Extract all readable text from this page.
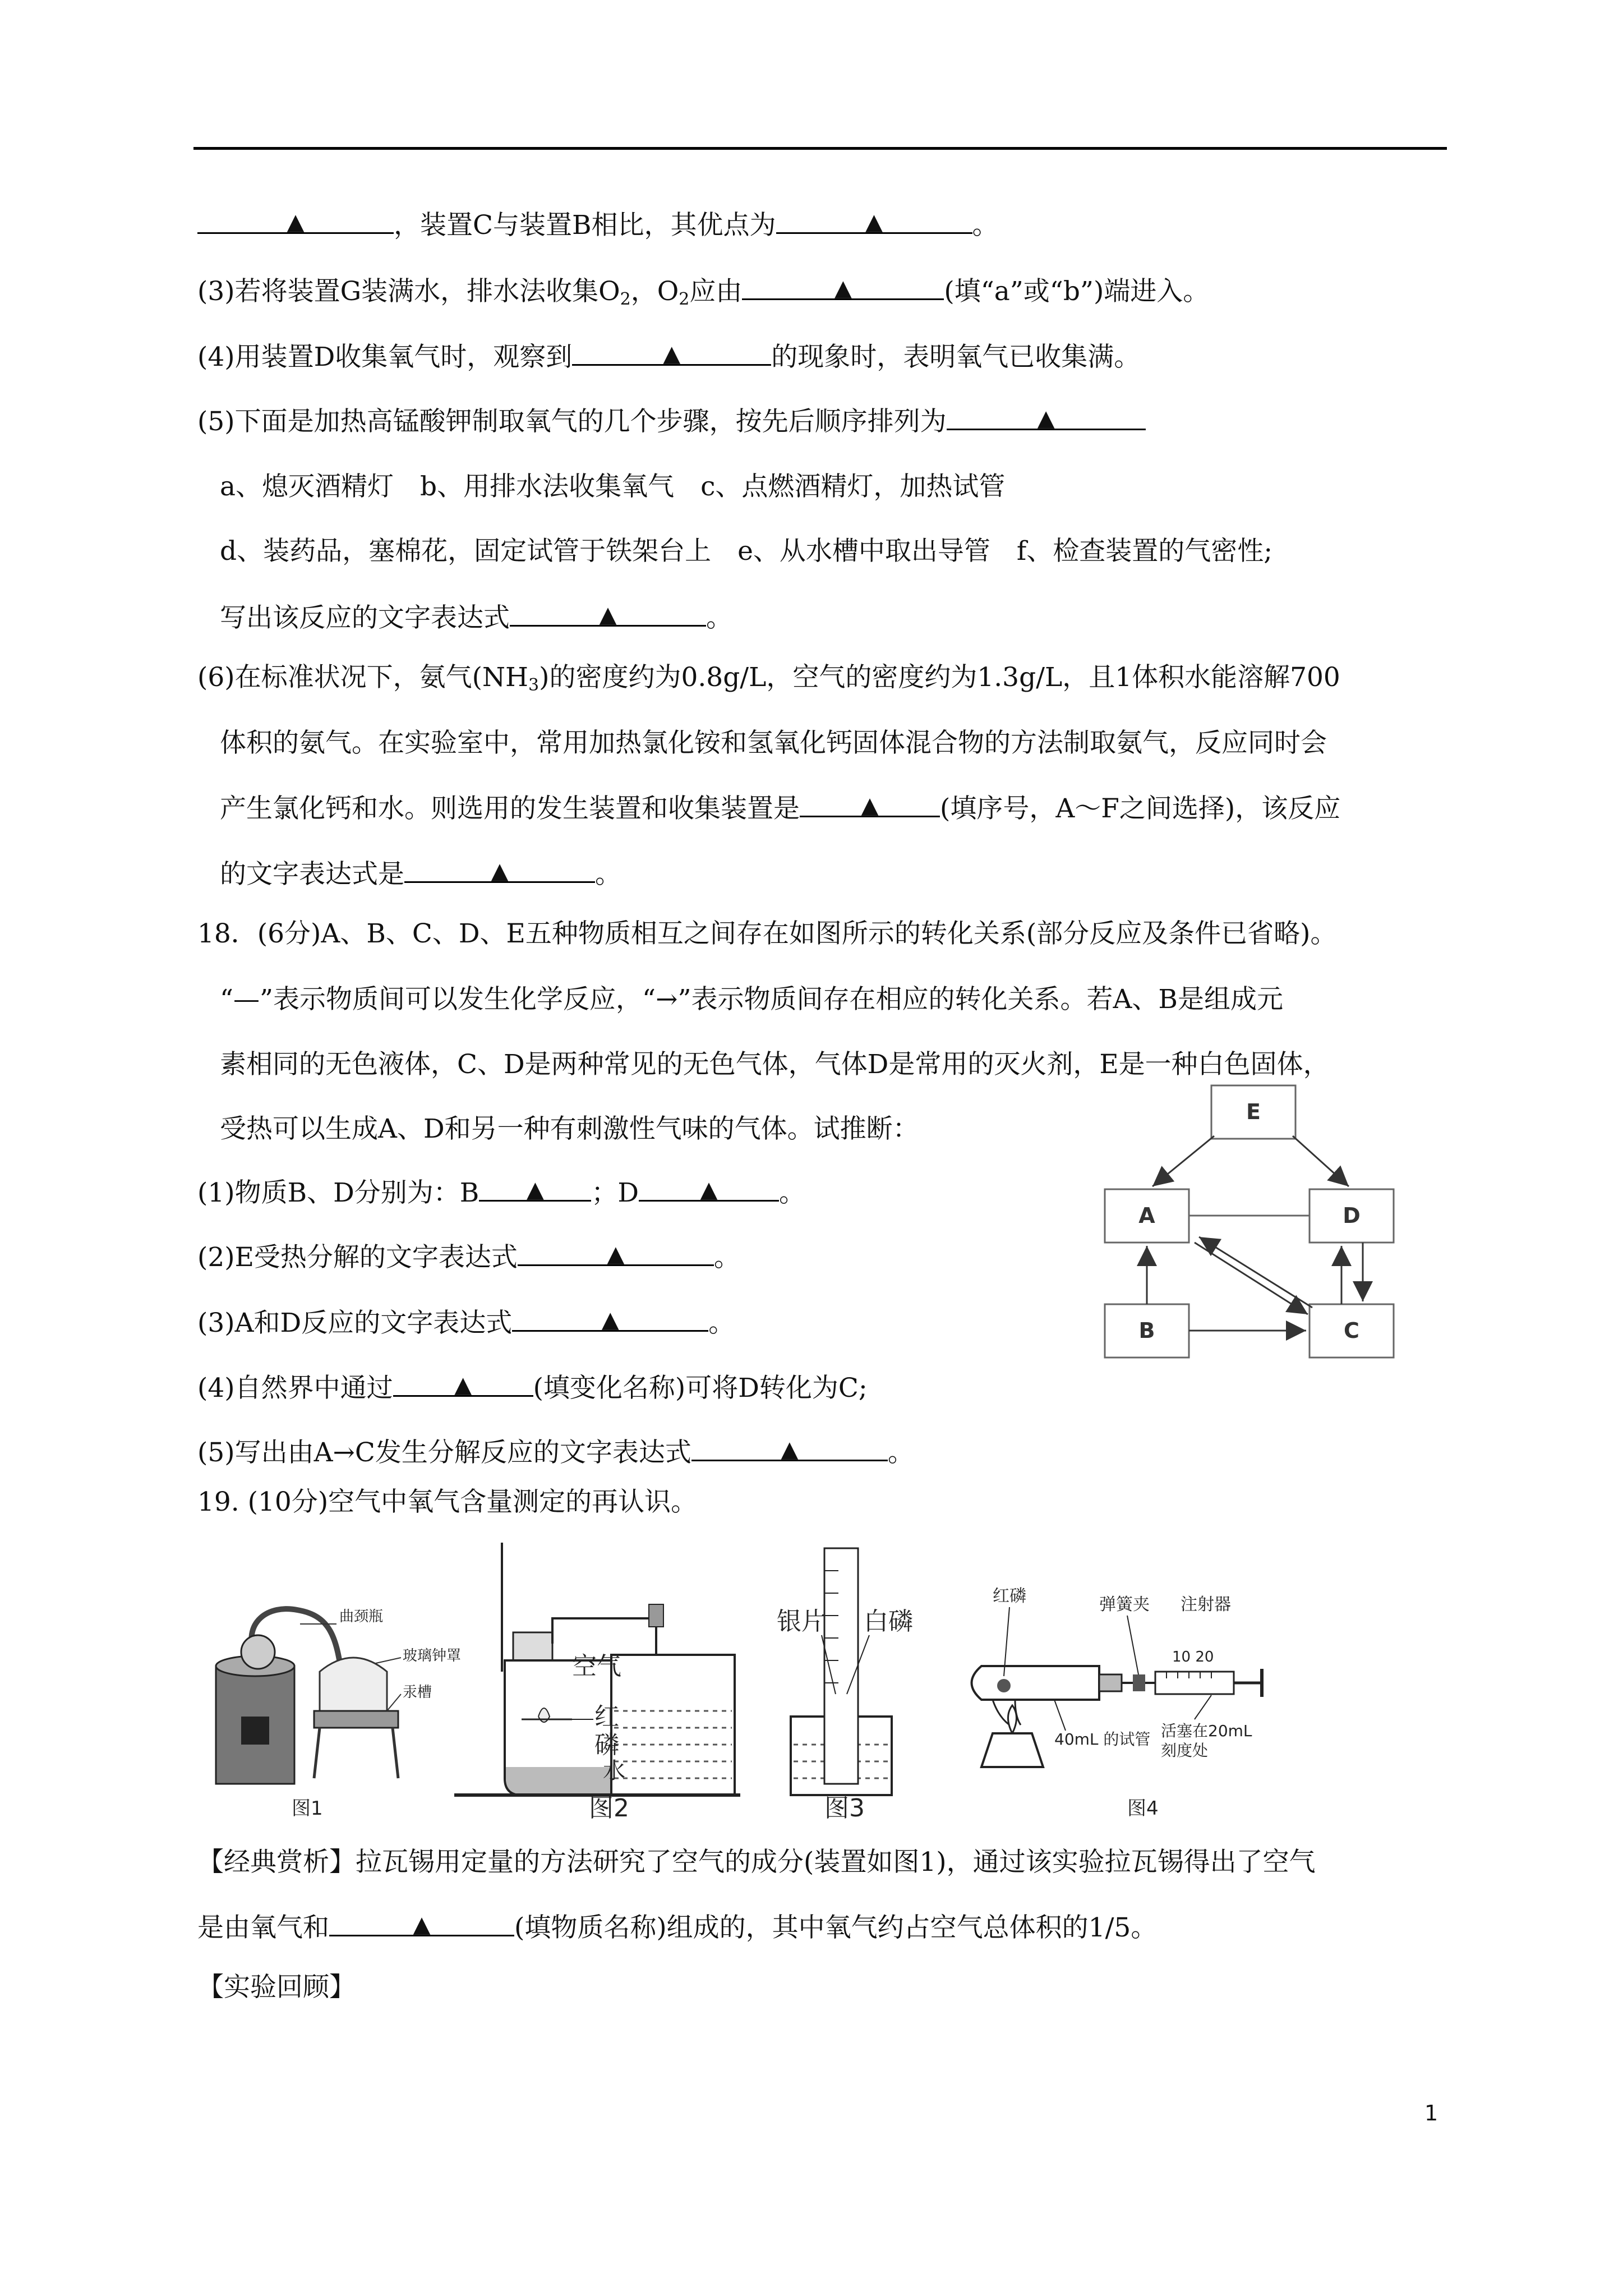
▲	，装置C与装置B相比，其优点为	▲	。
(3)若将装置G装满水，排水法收集$O_2$，$O_2$应由	▲	(填“a”或“b”)端进入。
(4)用装置D收集氧气时，观察到	▲	的现象时，表明氧气已收集满。
(5)下面是加热高锰酸钾制取氧气的几个步骤，按先后顺序排列为	▲
a、熄灭酒精灯　b、用排水法收集氧气　c、点燃酒精灯，加热试管
d、装药品，塞棉花，固定试管于铁架台上　e、从水槽中取出导管　f、检查装置的气密性;
写出该反应的文字表达式	▲	。
(6)在标准状况下，氨气$(NH_3)$的密度约为0.8g/L，空气的密度约为1.3g/L，且1体积水能溶解700
体积的氨气。在实验室中，常用加热氯化铵和氢氧化钙固体混合物的方法制取氨气，反应同时会
产生氯化钙和水。则选用的发生装置和收集装置是	▲ (填序号，A～F之间选择)，该反应
的文字表达式是	▲	。
18．(6分)A、B、C、D、E五种物质相互之间存在如图所示的转化关系(部分反应及条件已省略)。
“—”表示物质间可以发生化学反应，“→”表示物质间存在相应的转化关系。若A、B是组成元
素相同的无色液体，C、D是两种常见的无色气体，气体D是常用的灭火剂，E是一种白色固体，
受热可以生成A、D和另一种有刺激性气味的气体。试推断：
(1)物质B、D分别为：B ▲ ；D	▲ 。
(2)E受热分解的文字表达式	▲	。
(3)A和D反应的文字表达式	▲	。
(4)自然界中通过	▲ (填变化名称)可将D转化为C;
(5)写出由A→C发生分解反应的文字表达式	▲	。
E
A	D
B	C
19. (10分)空气中氧气含量测定的再认识。
曲颈瓶
玻璃钟罩
汞槽
图1
空气
红
磷
水
图2
银片 白磷
图3
红磷	弹簧夹 注射器
10 20
40mL 的试管 活塞在20mL
刻度处
图4
【经典赏析】拉瓦锡用定量的方法研究了空气的成分(装置如图1)，通过该实验拉瓦锡得出了空气
是由氧气和	▲	(填物质名称)组成的，其中氧气约占空气总体积的1/5。
【实验回顾】
1
